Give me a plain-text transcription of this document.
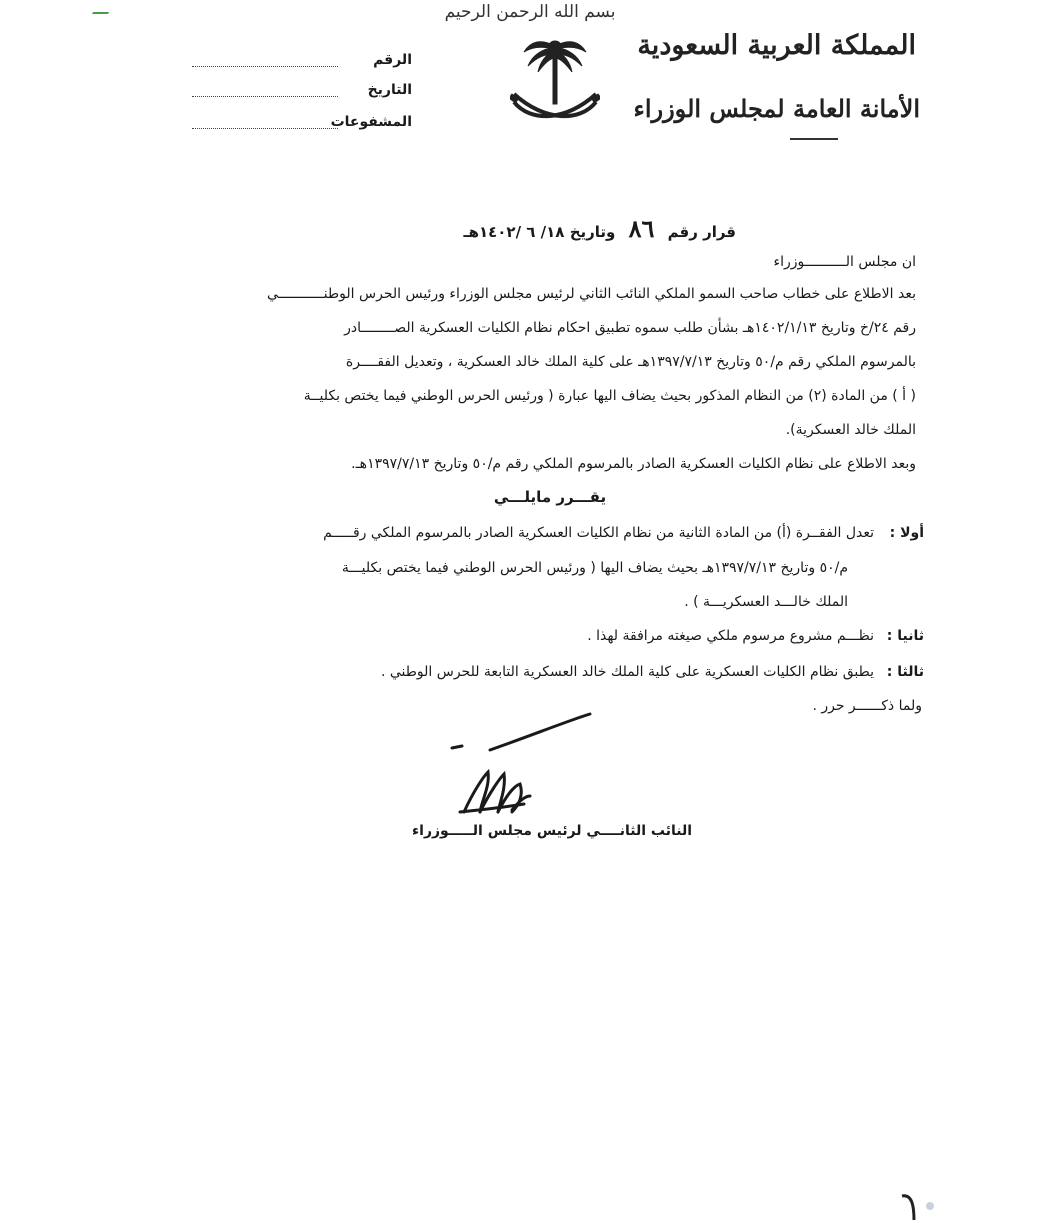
بسم الله الرحمن الرحيم
المملكة العربية السعودية
الأمانة العامة لمجلس الوزراء
الرقم
التاريخ
المشفوعات
قرار رقم ٨٦ وتاريخ ١٨/ ٦ /١٤٠٢هـ
ان مجلس الــــــــــوزراء
بعد الاطلاع على خطاب صاحب السمو الملكي النائب الثاني لرئيس مجلس الوزراء ورئيس الحرس الوطنـــــــــــي
رقم ٢٤/خ وتاريخ ١٤٠٢/١/١٣هـ بشأن طلب سموه تطبيق احكام نظام الكليات العسكرية الصــــــــادر
بالمرسوم الملكي رقم م/٥٠ وتاريخ ١٣٩٧/٧/١٣هـ على كلية الملك خالد العسكرية ، وتعديل الفقــــرة
( أ ) من المادة (٢) من النظام المذكور بحيث يضاف اليها عبارة ( ورئيس الحرس الوطني فيما يختص بكليــة
الملك خالد العسكرية).
وبعد الاطلاع على نظام الكليات العسكرية الصادر بالمرسوم الملكي رقم م/٥٠ وتاريخ ١٣٩٧/٧/١٣هـ.
يقـــرر مايلـــي
أولا :
تعدل الفقــرة (أ) من المادة الثانية من نظام الكليات العسكرية الصادر بالمرسوم الملكي رقـــــم
م/٥٠ وتاريخ ١٣٩٧/٧/١٣هـ بحيث يضاف اليها ( ورئيس الحرس الوطني فيما يختص بكليـــة
الملك خالـــد العسكريـــة ) .
ثانيا :
نظـــم مشروع مرسوم ملكي صيغته مرافقة لهذا .
ثالثا :
يطبق نظام الكليات العسكرية على كلية الملك خالد العسكرية التابعة للحرس الوطني .
ولما ذكــــــر حرر .
النائب الثانــــي لرئيس مجلس الـــــوزراء
